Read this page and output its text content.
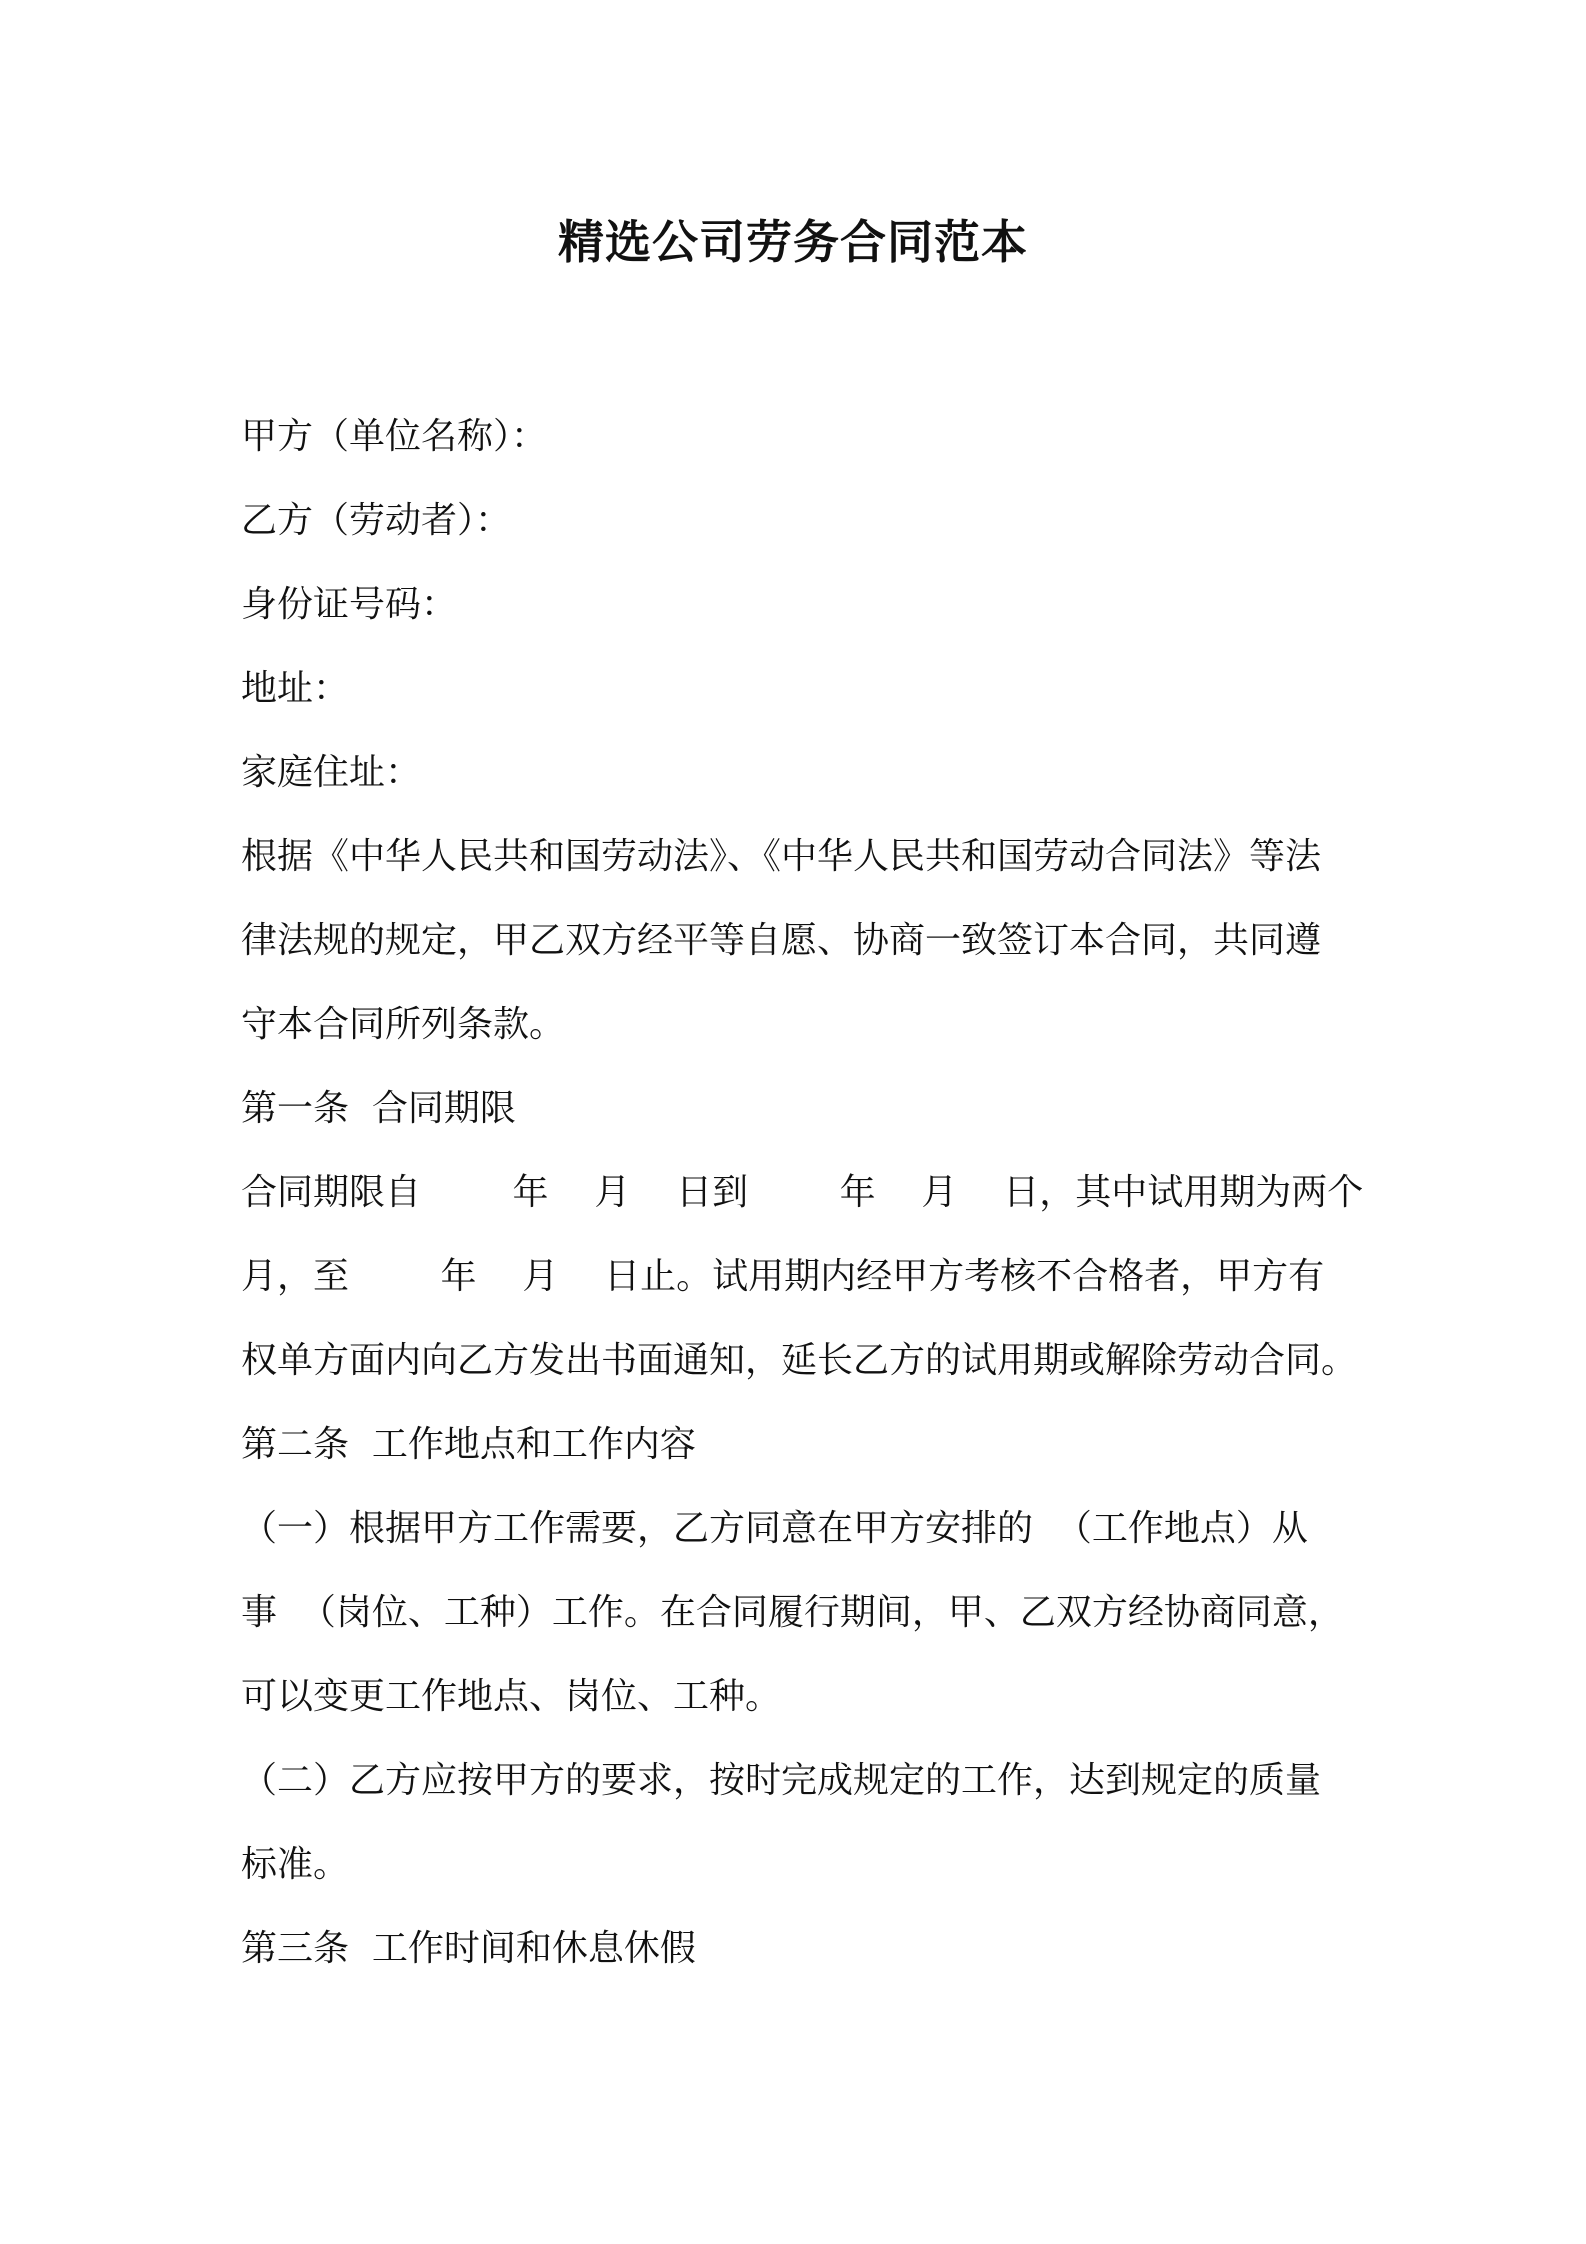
精选公司劳务合同范本
甲方（单位名称）：
乙方（劳动者）：
身份证号码：
地址：
家庭住址：
根据《中华人民共和国劳动法》、《中华人民共和国劳动合同法》等法
律法规的规定，甲乙双方经平等自愿、协商一致签订本合同，共同遵
守本合同所列条款。
第一条  合同期限
合同期限自        年    月    日到        年    月    日，其中试用期为两个
月，至        年    月    日止。试用期内经甲方考核不合格者，甲方有
权单方面内向乙方发出书面通知，延长乙方的试用期或解除劳动合同。
第二条  工作地点和工作内容
（一）根据甲方工作需要，乙方同意在甲方安排的  （工作地点）从
事  （岗位、工种）工作。在合同履行期间，甲、乙双方经协商同意，
可以变更工作地点、岗位、工种。
（二）乙方应按甲方的要求，按时完成规定的工作，达到规定的质量
标准。
第三条  工作时间和休息休假
